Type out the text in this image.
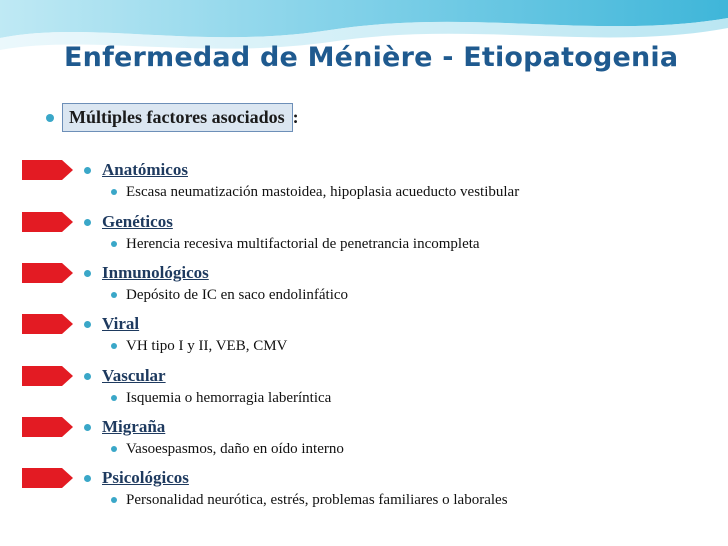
Enfermedad de Ménière - Etiopatogenia
Múltiples factores asociados :
Anatómicos
Escasa neumatización mastoidea, hipoplasia acueducto vestibular
Genéticos
Herencia recesiva multifactorial de penetrancia incompleta
Inmunológicos
Depósito de IC en saco endolinfático
Viral
VH tipo I y II, VEB, CMV
Vascular
Isquemia o hemorragia laberíntica
Migraña
Vasoespasmos, daño en oído interno
Psicológicos
Personalidad neurótica, estrés, problemas familiares o laborales
